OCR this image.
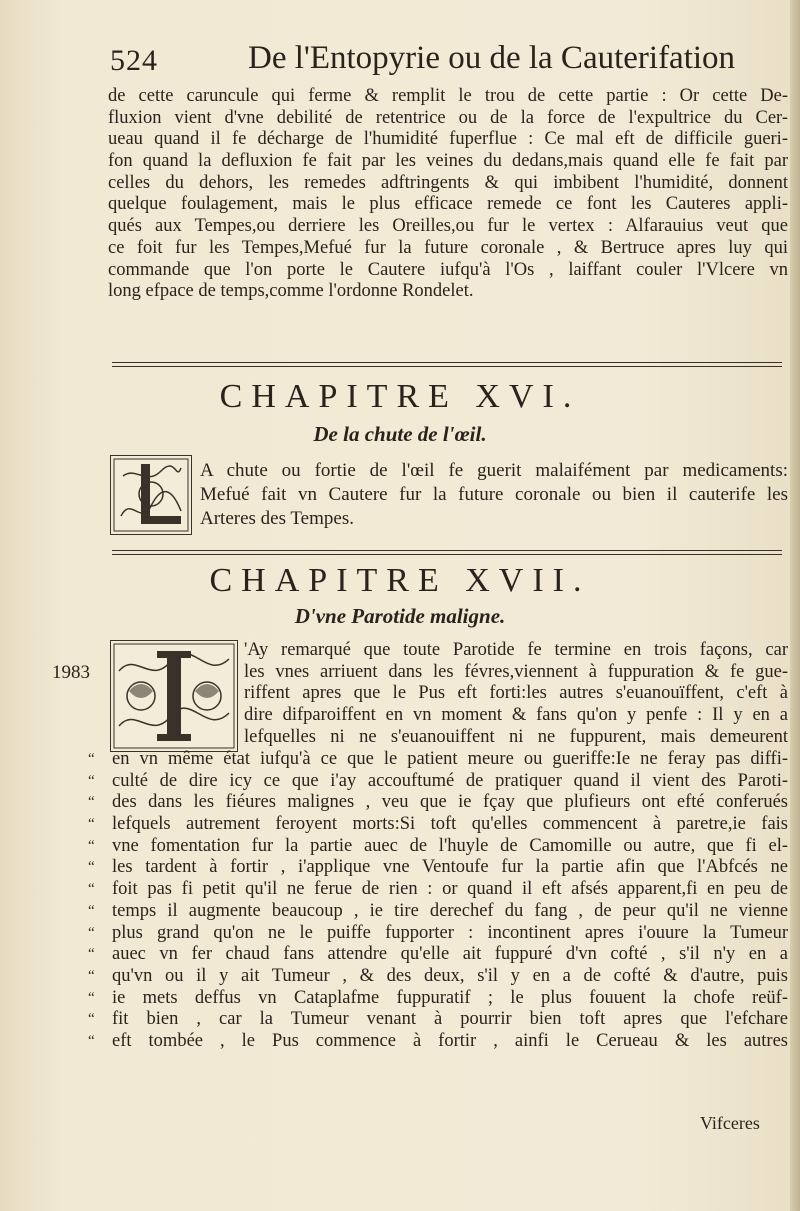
524	De l'Entopyrie ou de la Cauterifation
de cette caruncule qui ferme & remplit le trou de cette partie : Or cette De-
fluxion vient d'vne debilité de retentrice ou de la force de l'expultrice du Cer-
ueau quand il fe décharge de l'humidité fuperflue : Ce mal eft de difficile gueri-
fon quand la defluxion fe fait par les veines du dedans,mais quand elle fe fait par
celles du dehors, les remedes adftringents & qui imbibent l'humidité, donnent
quelque foulagement, mais le plus efficace remede ce font les Cauteres appli-
qués aux Tempes,ou derriere les Oreilles,ou fur le vertex : Alfarauius veut que
ce foit fur les Tempes,Mefué fur la future coronale , & Bertruce apres luy qui
commande que l'on porte le Cautere iufqu'à l'Os , laiffant couler l'Vlcere vn
long efpace de temps,comme l'ordonne Rondelet.
CHAPITRE XVI.
De la chute de l'œil.
A chute ou fortie de l'œil fe guerit malaifément par medicaments:
Mefué fait vn Cautere fur la future coronale ou bien il cauterife les
Arteres des Tempes.
CHAPITRE XVII.
D'vne Parotide maligne.
1983
'Ay remarqué que toute Parotide fe termine en trois façons, car
les vnes arriuent dans les févres,viennent à fuppuration & fe gue-
riffent apres que le Pus eft forti:les autres s'euanouïffent, c'eft à
dire difparoiffent en vn moment & fans qu'on y penfe : Il y en a
lefquelles ni ne s'euanouiffent ni ne fuppurent, mais demeurent
“
“
“
“
“
“
“
“
“
“
“
“
“
“
en vn même état iufqu'à ce que le patient meure ou gueriffe:Ie ne feray pas diffi-
culté de dire icy ce que i'ay accouftumé de pratiquer quand il vient des Paroti-
des dans les fiéures malignes , veu que ie fçay que plufieurs ont efté conferués
lefquels autrement feroyent morts:Si toft qu'elles commencent à paretre,ie fais
vne fomentation fur la partie auec de l'huyle de Camomille ou autre, que fi el-
les tardent à fortir , i'applique vne Ventoufe fur la partie afin que l'Abfcés ne
foit pas fi petit qu'il ne ferue de rien : or quand il eft afsés apparent,fi en peu de
temps il augmente beaucoup , ie tire derechef du fang , de peur qu'il ne vienne
plus grand qu'on ne le puiffe fupporter : incontinent apres i'ouure la Tumeur
auec vn fer chaud fans attendre qu'elle ait fuppuré d'vn cofté , s'il n'y en a
qu'vn ou il y ait Tumeur , & des deux, s'il y en a de cofté & d'autre, puis
ie mets deffus vn Cataplafme fuppuratif ; le plus fouuent la chofe reüf-
fit bien , car la Tumeur venant à pourrir bien toft apres que l'efchare
eft tombée , le Pus commence à fortir , ainfi le Cerueau & les autres
Vifceres
